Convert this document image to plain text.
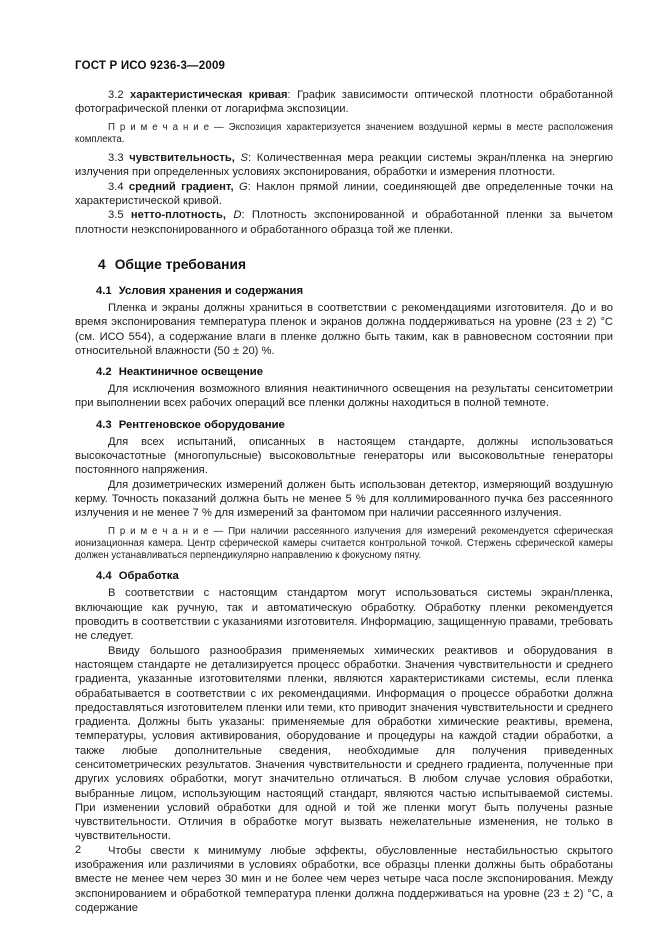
ГОСТ Р ИСО 9236-3—2009

3.2 характеристическая кривая: График зависимости оптической плотности обработанной фотографической пленки от логарифма экспозиции.

П р и м е ч а н и е — Экспозиция характеризуется значением воздушной кермы в месте расположения комплекта.

3.3 чувствительность, S: Количественная мера реакции системы экран/пленка на энергию излучения при определенных условиях экспонирования, обработки и измерения плотности.

3.4 средний градиент, G: Наклон прямой линии, соединяющей две определенные точки на характеристической кривой.

3.5 нетто-плотность, D: Плотность экспонированной и обработанной пленки за вычетом плотности неэкспонированного и обработанного образца той же пленки.

4 Общие требования
4.1 Условия хранения и содержания

Пленка и экраны должны храниться в соответствии с рекомендациями изготовителя. До и во время экспонирования температура пленок и экранов должна поддерживаться на уровне (23 ± 2) °С (см. ИСО 554), а содержание влаги в пленке должно быть таким, как в равновесном состоянии при относительной влажности (50 ± 20) %.

4.2 Неактиничное освещение

Для исключения возможного влияния неактиничного освещения на результаты сенситометрии при выполнении всех рабочих операций все пленки должны находиться в полной темноте.

4.3 Рентгеновское оборудование

Для всех испытаний, описанных в настоящем стандарте, должны использоваться высокочастотные (многопульсные) высоковольтные генераторы или высоковольтные генераторы постоянного напряжения.

Для дозиметрических измерений должен быть использован детектор, измеряющий воздушную керму. Точность показаний должна быть не менее 5 % для коллимированного пучка без рассеянного излучения и не менее 7 % для измерений за фантомом при наличии рассеянного излучения.

П р и м е ч а н и е — При наличии рассеянного излучения для измерений рекомендуется сферическая ионизационная камера. Центр сферической камеры считается контрольной точкой. Стержень сферической камеры должен устанавливаться перпендикулярно направлению к фокусному пятну.

4.4 Обработка

В соответствии с настоящим стандартом могут использоваться системы экран/пленка, включающие как ручную, так и автоматическую обработку. Обработку пленки рекомендуется проводить в соответствии с указаниями изготовителя. Информацию, защищенную правами, требовать не следует.

Ввиду большого разнообразия применяемых химических реактивов и оборудования в настоящем стандарте не детализируется процесс обработки. Значения чувствительности и среднего градиента, указанные изготовителями пленки, являются характеристиками системы, если пленка обрабатывается в соответствии с их рекомендациями. Информация о процессе обработки должна предоставляться изготовителем пленки или теми, кто приводит значения чувствительности и среднего градиента. Должны быть указаны: применяемые для обработки химические реактивы, времена, температуры, условия активирования, оборудование и процедуры на каждой стадии обработки, а также любые дополнительные сведения, необходимые для получения приведенных сенситометрических результатов. Значения чувствительности и среднего градиента, полученные при других условиях обработки, могут значительно отличаться. В любом случае условия обработки, выбранные лицом, использующим настоящий стандарт, являются частью испытываемой системы. При изменении условий обработки для одной и той же пленки могут быть получены разные чувствительности. Отличия в обработке могут вызвать нежелательные изменения, не только в чувствительности.

Чтобы свести к минимуму любые эффекты, обусловленные нестабильностью скрытого изображения или различиями в условиях обработки, все образцы пленки должны быть обработаны вместе не менее чем через 30 мин и не более чем через четыре часа после экспонирования. Между экспонированием и обработкой температура пленки должна поддерживаться на уровне (23 ± 2) °С, а содержание

2
